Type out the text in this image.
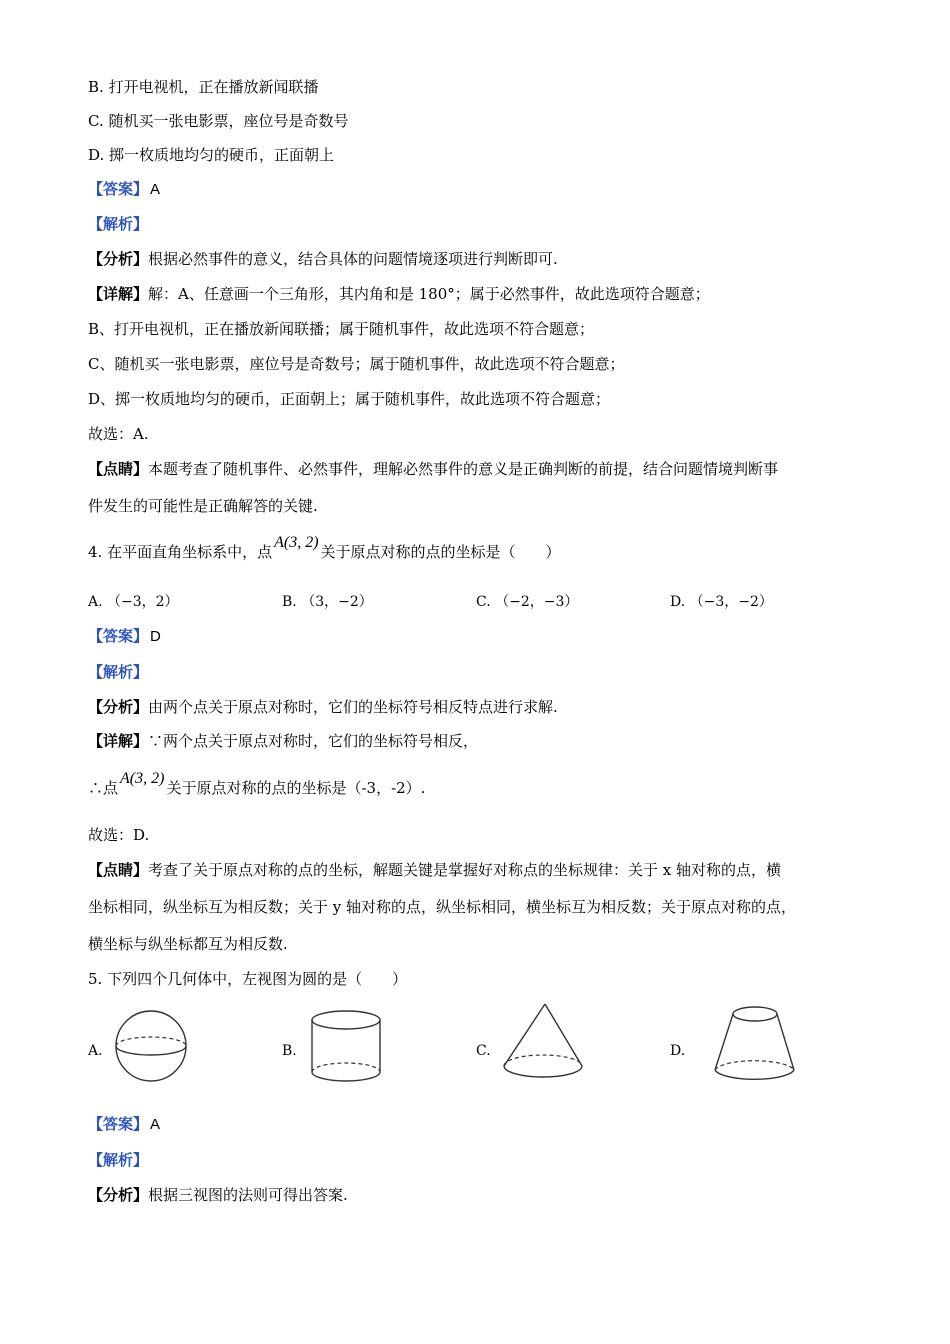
B. 打开电视机，正在播放新闻联播
C. 随机买一张电影票，座位号是奇数号
D. 掷一枚质地均匀的硬币，正面朝上
【答案】 A
【解析】
【分析】根据必然事件的意义，结合具体的问题情境逐项进行判断即可.
【详解】解：A、任意画一个三角形，其内角和是 180°；属于必然事件，故此选项符合题意；
B、打开电视机，正在播放新闻联播；属于随机事件，故此选项不符合题意；
C、随机买一张电影票，座位号是奇数号；属于随机事件，故此选项不符合题意；
D、掷一枚质地均匀的硬币，正面朝上；属于随机事件，故此选项不符合题意；
故选：A.
【点睛】本题考查了随机事件、必然事件，理解必然事件的意义是正确判断的前提，结合问题情境判断事
件发生的可能性是正确解答的关键.
4. 在平面直角坐标系中，点A(3, 2)关于原点对称的点的坐标是（　　）
A. （−3，2）	B. （3，−2）	C. （−2，−3）	D. （−3，−2）
【答案】 D
【解析】
【分析】由两个点关于原点对称时，它们的坐标符号相反特点进行求解.
【详解】∵两个点关于原点对称时，它们的坐标符号相反，
∴点A(3, 2)关于原点对称的点的坐标是（-3，-2）.
故选：D.
【点睛】考查了关于原点对称的点的坐标，解题关键是掌握好对称点的坐标规律：关于 x 轴对称的点，横
坐标相同，纵坐标互为相反数；关于 y 轴对称的点，纵坐标相同，横坐标互为相反数；关于原点对称的点，
横坐标与纵坐标都互为相反数.
5. 下列四个几何体中，左视图为圆的是（　　）
A.	B.	C.	D.
【答案】 A
【解析】
【分析】根据三视图的法则可得出答案.
